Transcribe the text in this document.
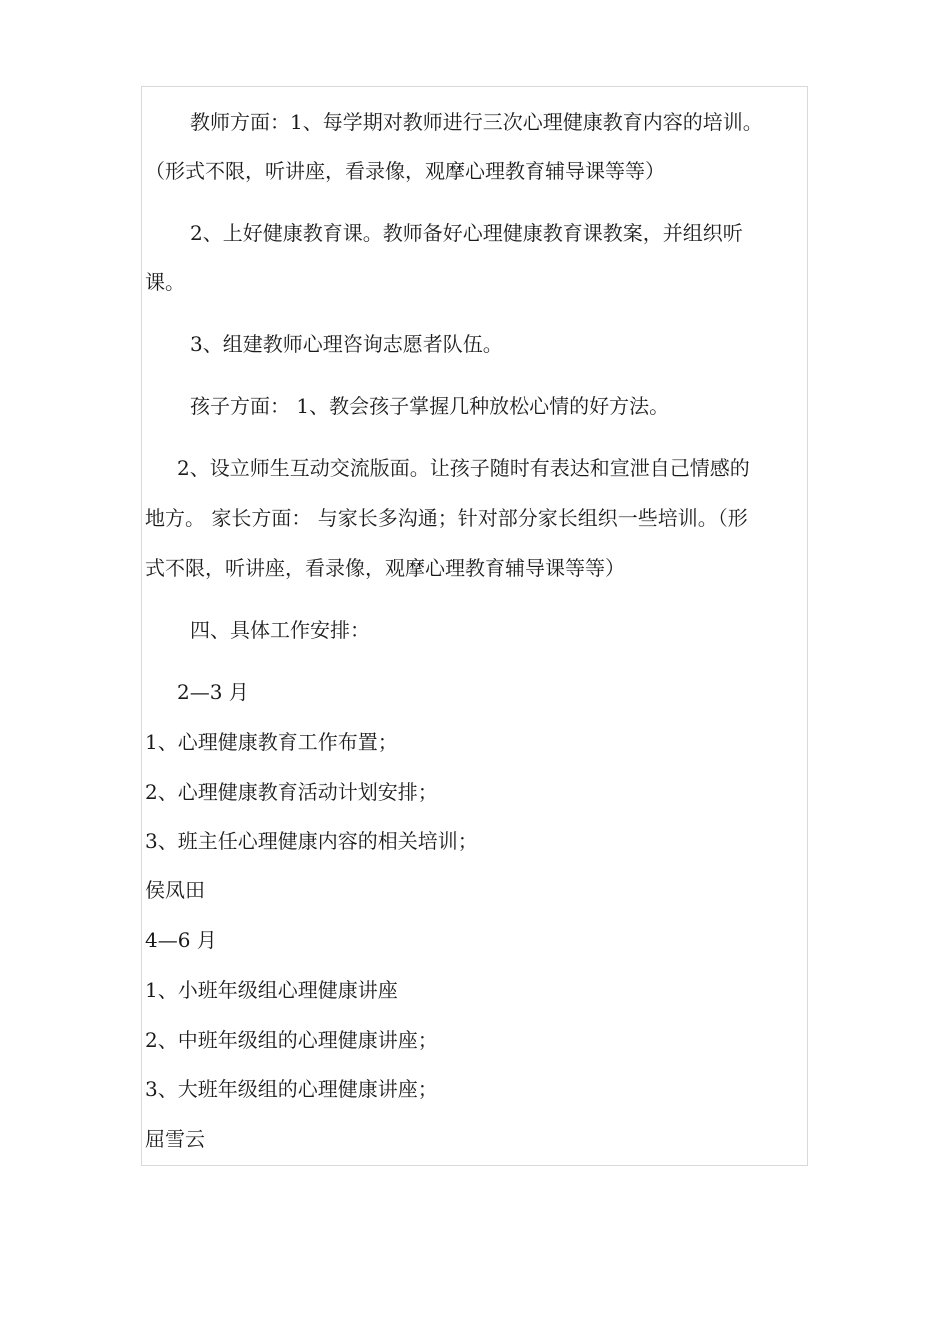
教师方面：1、每学期对教师进行三次心理健康教育内容的培训。
（形式不限，听讲座，看录像，观摩心理教育辅导课等等）
2、上好健康教育课。教师备好心理健康教育课教案，并组织听
课。
3、组建教师心理咨询志愿者队伍。
孩子方面： 1、教会孩子掌握几种放松心情的好方法。
2、设立师生互动交流版面。让孩子随时有表达和宣泄自己情感的
地方。 家长方面： 与家长多沟通；针对部分家长组织一些培训。（形
式不限，听讲座，看录像，观摩心理教育辅导课等等）
四、具体工作安排：
2—3 月
1、心理健康教育工作布置；
2、心理健康教育活动计划安排；
3、班主任心理健康内容的相关培训；
侯凤田
4—6 月
1、小班年级组心理健康讲座
2、中班年级组的心理健康讲座；
3、大班年级组的心理健康讲座；
屈雪云
